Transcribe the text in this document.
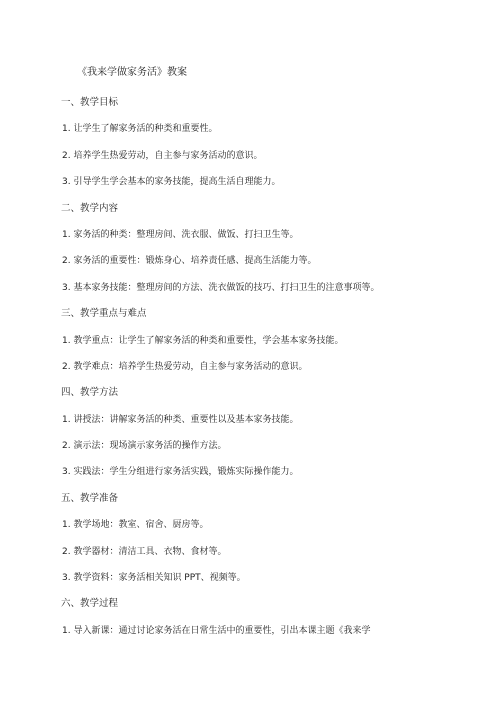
《我来学做家务活》教案
一、教学目标
1. 让学生了解家务活的种类和重要性。
2. 培养学生热爱劳动，自主参与家务活动的意识。
3. 引导学生学会基本的家务技能，提高生活自理能力。
二、教学内容
1. 家务活的种类：整理房间、洗衣服、做饭、打扫卫生等。
2. 家务活的重要性：锻炼身心、培养责任感、提高生活能力等。
3. 基本家务技能：整理房间的方法、洗衣做饭的技巧、打扫卫生的注意事项等。
三、教学重点与难点
1. 教学重点：让学生了解家务活的种类和重要性，学会基本家务技能。
2. 教学难点：培养学生热爱劳动，自主参与家务活动的意识。
四、教学方法
1. 讲授法：讲解家务活的种类、重要性以及基本家务技能。
2. 演示法：现场演示家务活的操作方法。
3. 实践法：学生分组进行家务活实践，锻炼实际操作能力。
五、教学准备
1. 教学场地：教室、宿舍、厨房等。
2. 教学器材：清洁工具、衣物、食材等。
3. 教学资料：家务活相关知识 PPT、视频等。
六、教学过程
1. 导入新课：通过讨论家务活在日常生活中的重要性，引出本课主题《我来学
